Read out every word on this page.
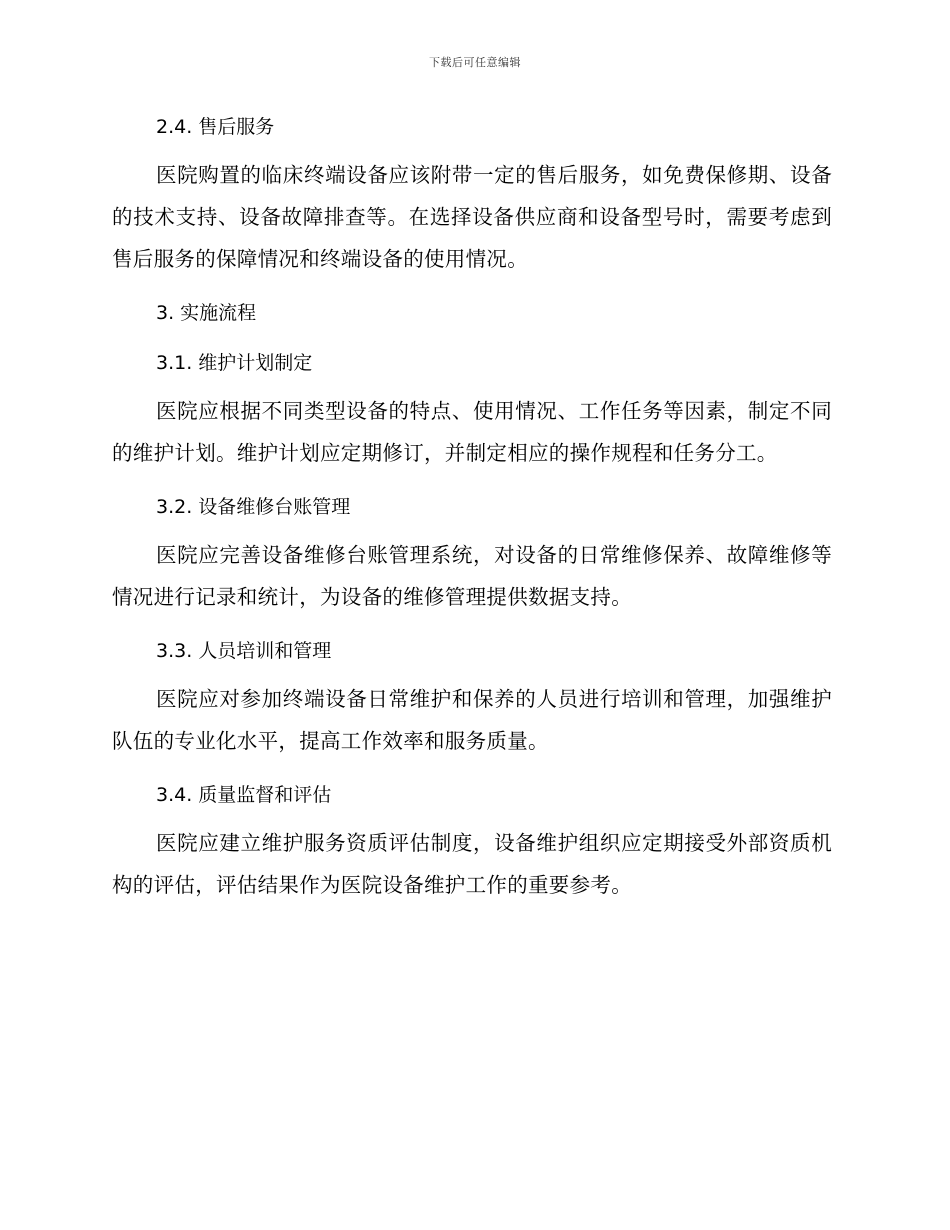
下载后可任意编辑
2.4. 售后服务

医院购置的临床终端设备应该附带一定的售后服务，如免费保修期、设备的技术支持、设备故障排查等。在选择设备供应商和设备型号时，需要考虑到售后服务的保障情况和终端设备的使用情况。

3. 实施流程
3.1. 维护计划制定

医院应根据不同类型设备的特点、使用情况、工作任务等因素，制定不同的维护计划。维护计划应定期修订，并制定相应的操作规程和任务分工。

3.2. 设备维修台账管理

医院应完善设备维修台账管理系统，对设备的日常维修保养、故障维修等情况进行记录和统计，为设备的维修管理提供数据支持。

3.3. 人员培训和管理

医院应对参加终端设备日常维护和保养的人员进行培训和管理，加强维护队伍的专业化水平，提高工作效率和服务质量。

3.4. 质量监督和评估

医院应建立维护服务资质评估制度，设备维护组织应定期接受外部资质机构的评估，评估结果作为医院设备维护工作的重要参考。
